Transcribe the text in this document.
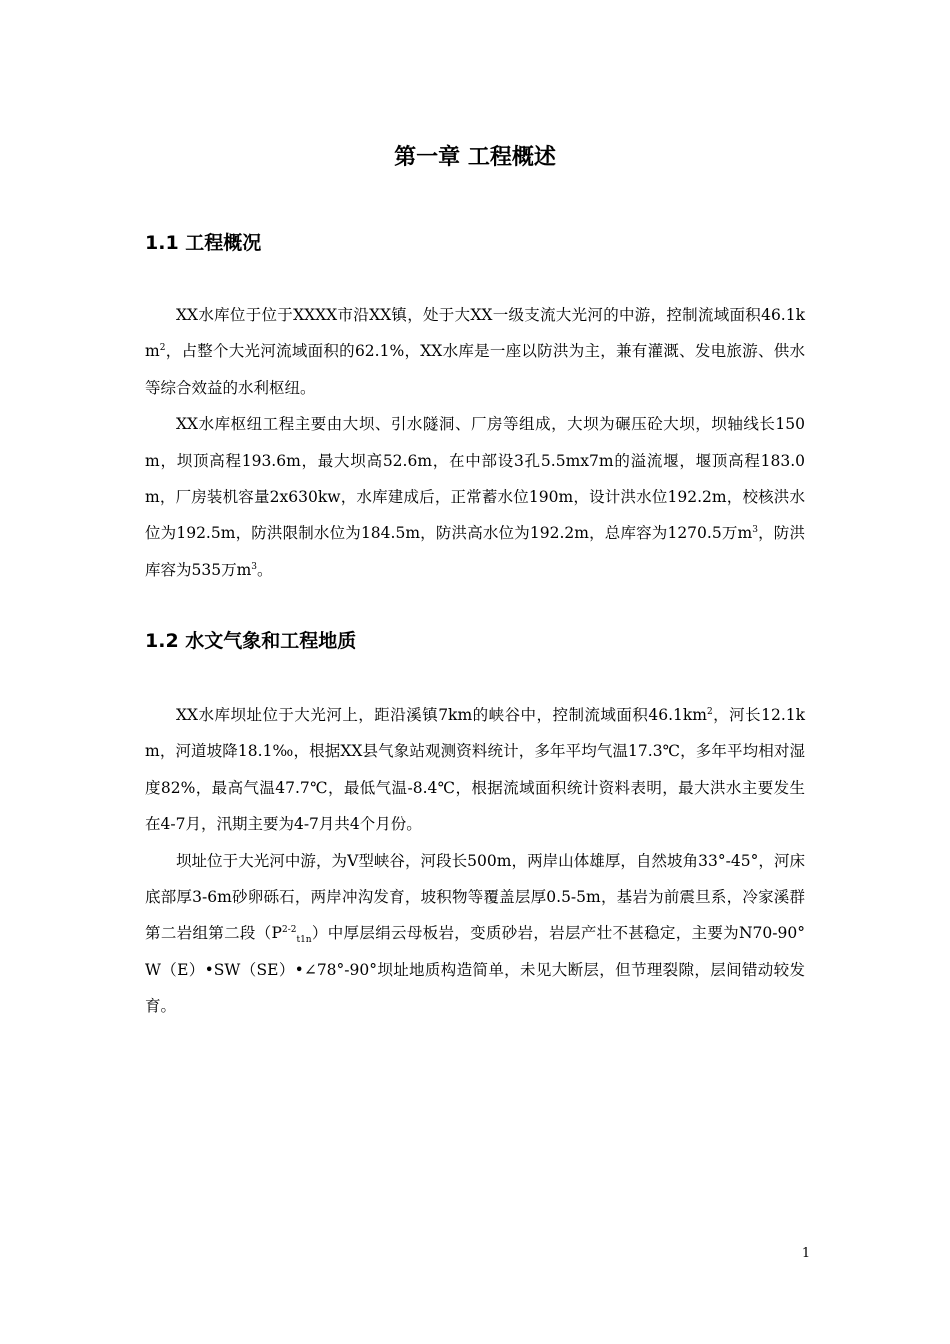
第一章 工程概述
1.1 工程概况

XX水库位于位于XXXX市沿XX镇，处于大XX一级支流大光河的中游，控制流域面积$46.1km^2$，占整个大光河流域面积的62.1%，XX水库是一座以防洪为主，兼有灌溉、发电旅游、供水等综合效益的水利枢纽。

XX水库枢纽工程主要由大坝、引水隧洞、厂房等组成，大坝为碾压砼大坝，坝轴线长150m，坝顶高程193.6m，最大坝高52.6m，在中部设3孔5.5mx7m的溢流堰，堰顶高程183.0m，厂房装机容量2x630kw，水库建成后，正常蓄水位190m，设计洪水位192.2m，校核洪水位为192.5m，防洪限制水位为184.5m，防洪高水位为192.2m，总库容为1270.5万$m^3$，防洪库容为535万$m^3$。

1.2 水文气象和工程地质

XX水库坝址位于大光河上，距沿溪镇7km的峡谷中，控制流域面积$46.1km^2$，河长12.1km，河道坡降18.1‰，根据XX县气象站观测资料统计，多年平均气温17.3℃，多年平均相对湿度82%，最高气温47.7℃，最低气温-8.4℃，根据流域面积统计资料表明，最大洪水主要发生在4-7月，汛期主要为4-7月共4个月份。

坝址位于大光河中游，为V型峡谷，河段长500m，两岸山体雄厚，自然坡角33°-45°，河床底部厚3-6m砂卵砾石，两岸冲沟发育，坡积物等覆盖层厚0.5-5m，基岩为前震旦系，冷家溪群第二岩组第二段$(P^{2-2}_{t1n})$中厚层绢云母板岩，变质砂岩，岩层产壮不甚稳定，主要为N70-90°W（E）•SW（SE）•∠78°-90°坝址地质构造简单，未见大断层，但节理裂隙，层间错动较发育。

1
